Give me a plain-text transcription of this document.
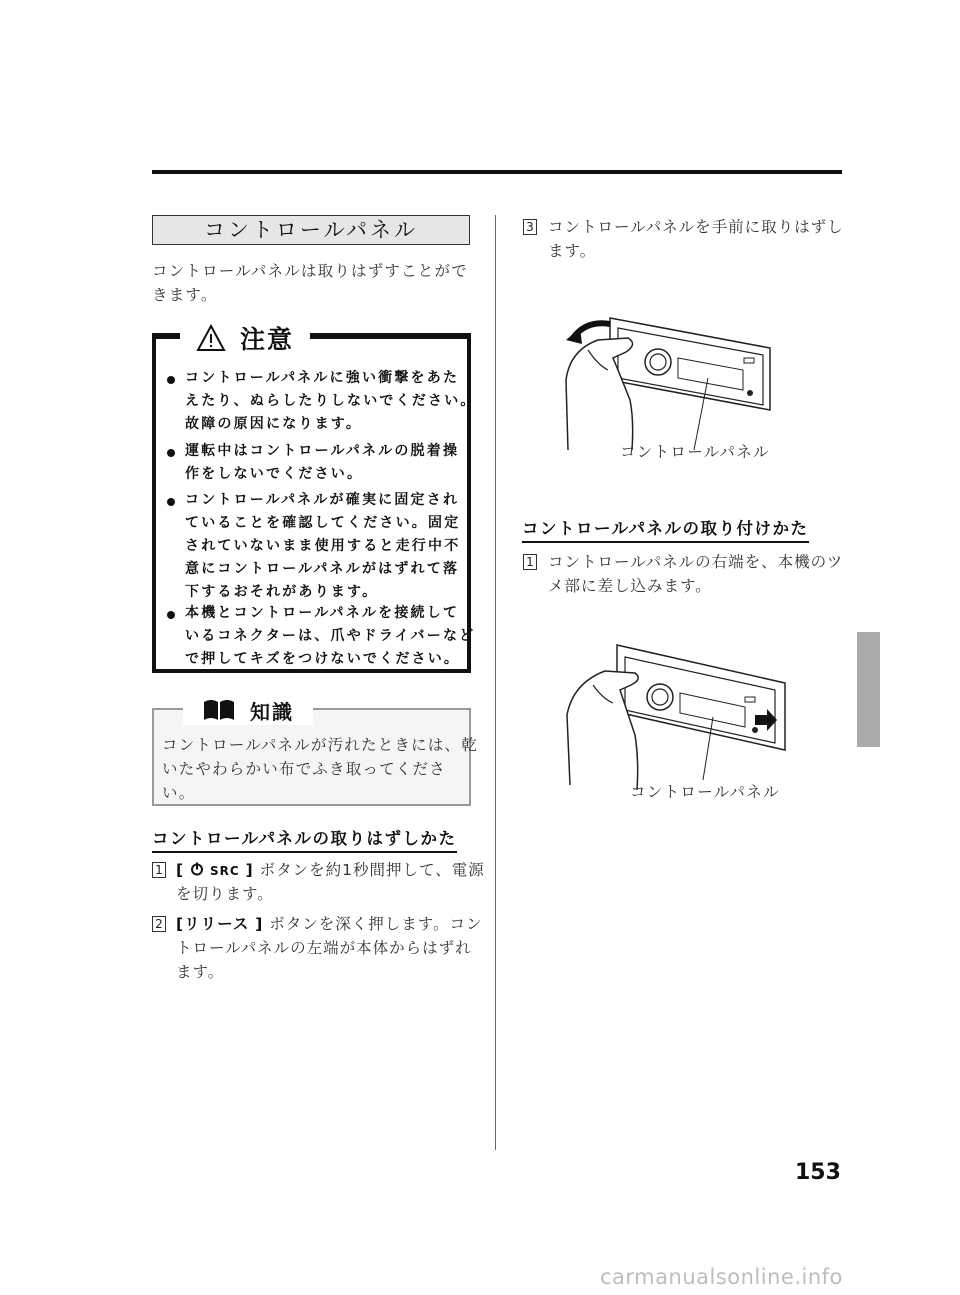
コントロールパネル
コントロールパネルは取りはずすことがで
きます。
注意
コントロールパネルに強い衝撃をあた
えたり、ぬらしたりしないでください。
故障の原因になります。
運転中はコントロールパネルの脱着操
作をしないでください。
コントロールパネルが確実に固定され
ていることを確認してください。固定
されていないまま使用すると走行中不
意にコントロールパネルがはずれて落
下するおそれがあります。
本機とコントロールパネルを接続して
いるコネクターは、爪やドライバーなど
で押してキズをつけないでください。
知識
コントロールパネルが汚れたときには、乾
いたやわらかい布でふき取ってくださ
い。
コントロールパネルの取りはずしかた
1 [ SRC ] ボタンを約1秒間押して、電源
を切ります。
2 [リリース ] ボタンを深く押します。コン
トロールパネルの左端が本体からはずれ
ます。
3 コントロールパネルを手前に取りはずし
ます。
コントロールパネル
コントロールパネルの取り付けかた
1 コントロールパネルの右端を、本機のツ
メ部に差し込みます。
コントロールパネル
153
carmanualsonline.info
